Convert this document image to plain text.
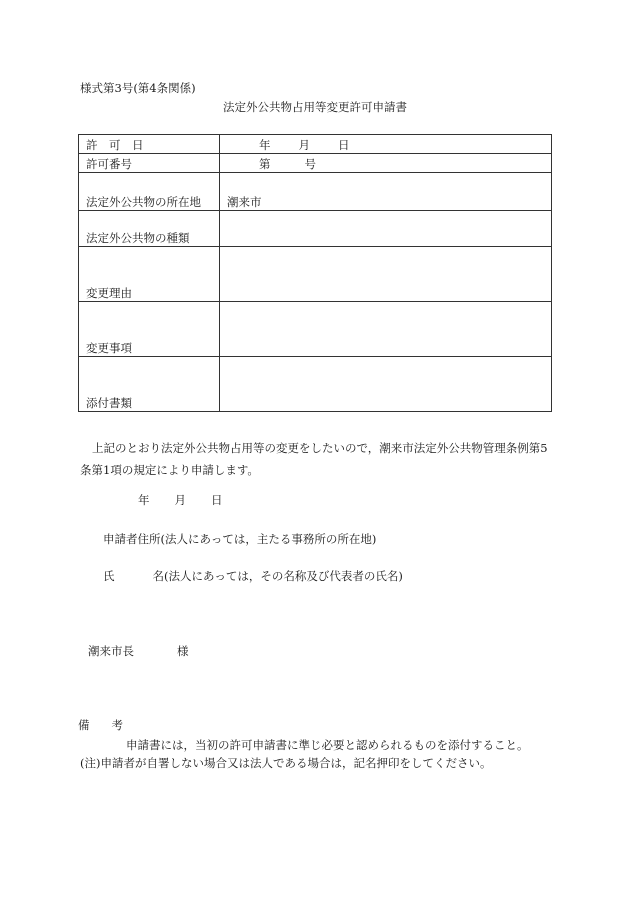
様式第3号(第4条関係)
法定外公共物占用等変更許可申請書
許　可　日	年 月 日
許可番号	第 号
法定外公共物の所在地	潮来市
法定外公共物の種類	
変更理由	
変更事項	
添付書類	
上記のとおり法定外公共物占用等の変更をしたいので，潮来市法定外公共物管理条例第5条第1項の規定により申請します。
年 月 日
申請者住所(法人にあっては，主たる事務所の所在地)
氏	名(法人にあっては，その名称及び代表者の氏名)
潮来市長	様
備 考
申請書には，当初の許可申請書に準じ必要と認められるものを添付すること。
(注)申請者が自署しない場合又は法人である場合は，記名押印をしてください。
